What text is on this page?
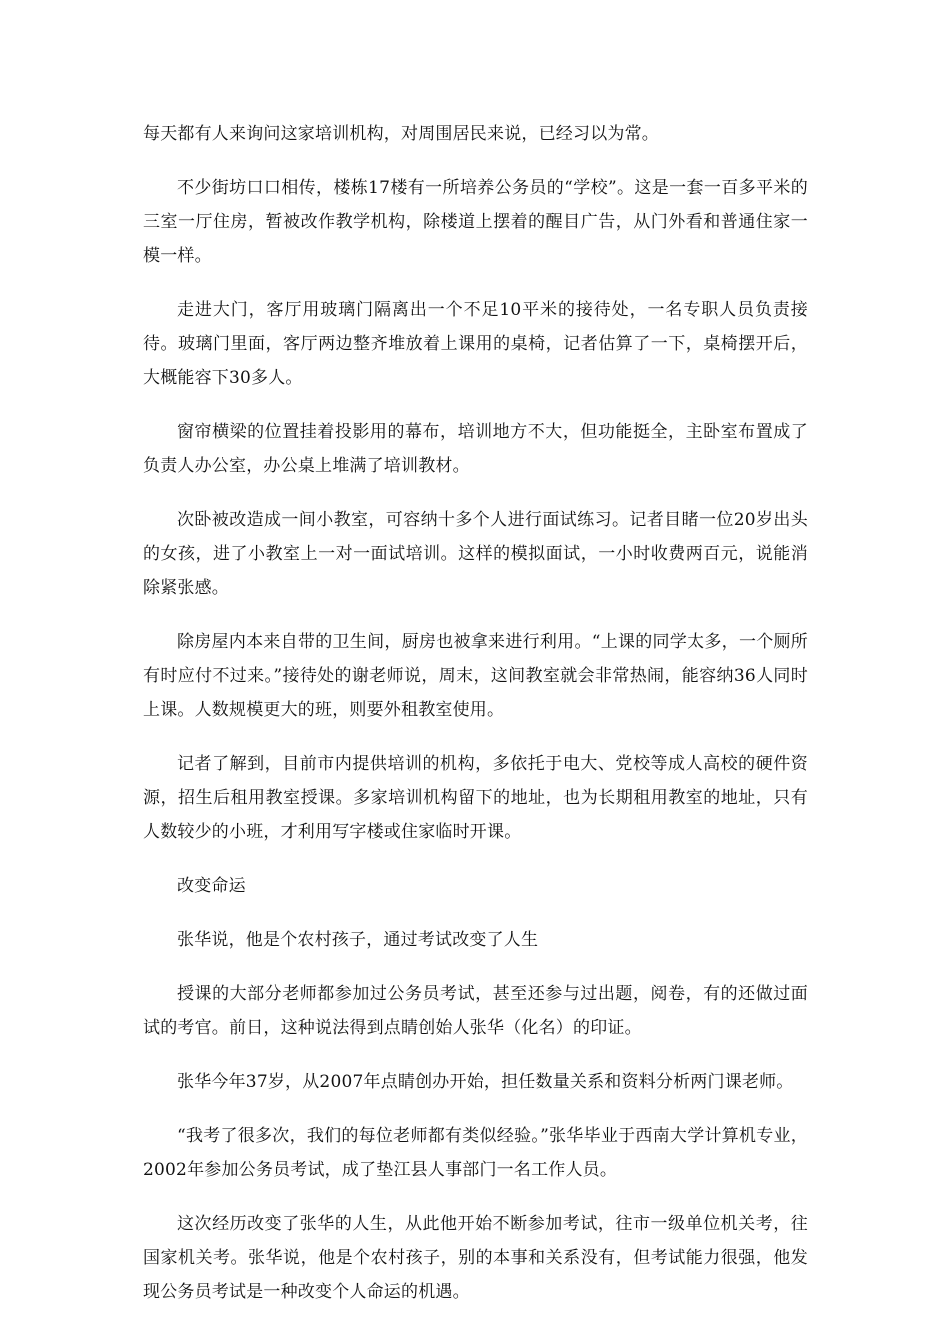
每天都有人来询问这家培训机构，对周围居民来说，已经习以为常。

不少街坊口口相传，楼栋17楼有一所培养公务员的“学校”。这是一套一百多平米的三室一厅住房，暂被改作教学机构，除楼道上摆着的醒目广告，从门外看和普通住家一模一样。

走进大门，客厅用玻璃门隔离出一个不足10平米的接待处，一名专职人员负责接待。玻璃门里面，客厅两边整齐堆放着上课用的桌椅，记者估算了一下，桌椅摆开后，大概能容下30多人。

窗帘横梁的位置挂着投影用的幕布，培训地方不大，但功能挺全，主卧室布置成了负责人办公室，办公桌上堆满了培训教材。

次卧被改造成一间小教室，可容纳十多个人进行面试练习。记者目睹一位20岁出头的女孩，进了小教室上一对一面试培训。这样的模拟面试，一小时收费两百元，说能消除紧张感。

除房屋内本来自带的卫生间，厨房也被拿来进行利用。“上课的同学太多，一个厕所有时应付不过来。”接待处的谢老师说，周末，这间教室就会非常热闹，能容纳36人同时上课。人数规模更大的班，则要外租教室使用。

记者了解到，目前市内提供培训的机构，多依托于电大、党校等成人高校的硬件资源，招生后租用教室授课。多家培训机构留下的地址，也为长期租用教室的地址，只有人数较少的小班，才利用写字楼或住家临时开课。

改变命运

张华说，他是个农村孩子，通过考试改变了人生

授课的大部分老师都参加过公务员考试，甚至还参与过出题，阅卷，有的还做过面试的考官。前日，这种说法得到点睛创始人张华（化名）的印证。

张华今年37岁，从2007年点睛创办开始，担任数量关系和资料分析两门课老师。

“我考了很多次，我们的每位老师都有类似经验。”张华毕业于西南大学计算机专业，2002年参加公务员考试，成了垫江县人事部门一名工作人员。

这次经历改变了张华的人生，从此他开始不断参加考试，往市一级单位机关考，往国家机关考。张华说，他是个农村孩子，别的本事和关系没有，但考试能力很强，他发现公务员考试是一种改变个人命运的机遇。
